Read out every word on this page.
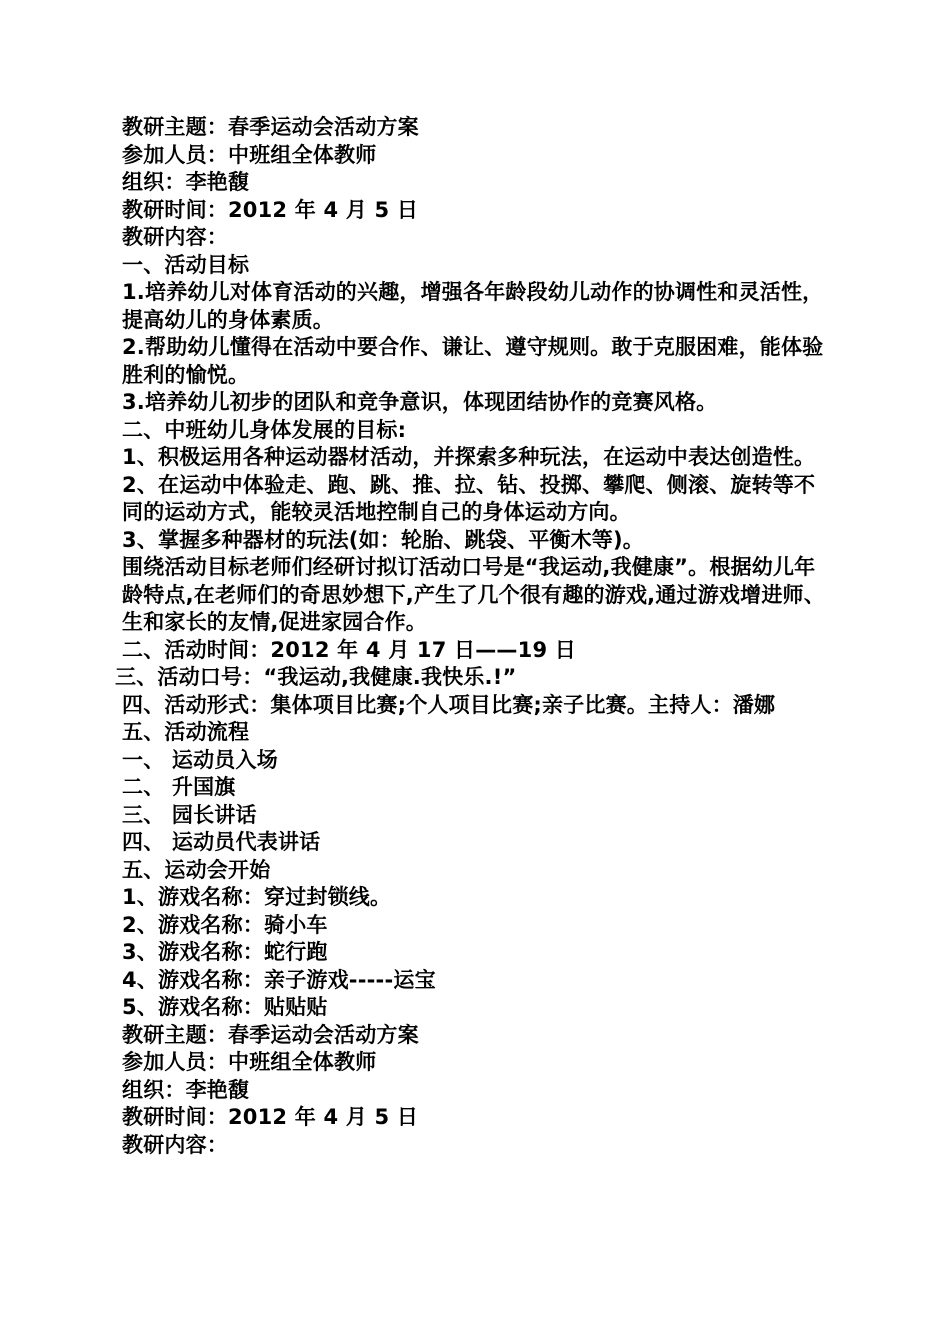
教研主题：春季运动会活动方案
参加人员：中班组全体教师
组织：李艳馥
教研时间：2012 年 4 月 5 日
教研内容：
一、活动目标
1.培养幼儿对体育活动的兴趣，增强各年龄段幼儿动作的协调性和灵活性，提高幼儿的身体素质。
2.帮助幼儿懂得在活动中要合作、谦让、遵守规则。敢于克服困难，能体验胜利的愉悦。
3.培养幼儿初步的团队和竞争意识，体现团结协作的竞赛风格。
二、中班幼儿身体发展的目标:
1、积极运用各种运动器材活动，并探索多种玩法，在运动中表达创造性。
2、在运动中体验走、跑、跳、推、拉、钻、投掷、攀爬、侧滚、旋转等不同的运动方式，能较灵活地控制自己的身体运动方向。
3、掌握多种器材的玩法(如：轮胎、跳袋、平衡木等)。
围绕活动目标老师们经研讨拟订活动口号是“我运动,我健康”。根据幼儿年龄特点,在老师们的奇思妙想下,产生了几个很有趣的游戏,通过游戏增进师、生和家长的友情,促进家园合作。
二、活动时间：2012 年 4 月 17 日——19 日
三、活动口号：“我运动,我健康.我快乐.!”
四、活动形式：集体项目比赛;个人项目比赛;亲子比赛。主持人：潘娜
五、活动流程
一、 运动员入场
二、 升国旗
三、 园长讲话
四、 运动员代表讲话
五、运动会开始
1、游戏名称：穿过封锁线。
2、游戏名称：骑小车
3、游戏名称：蛇行跑
4、游戏名称：亲子游戏-----运宝
5、游戏名称：贴贴贴
教研主题：春季运动会活动方案
参加人员：中班组全体教师
组织：李艳馥
教研时间：2012 年 4 月 5 日
教研内容：
